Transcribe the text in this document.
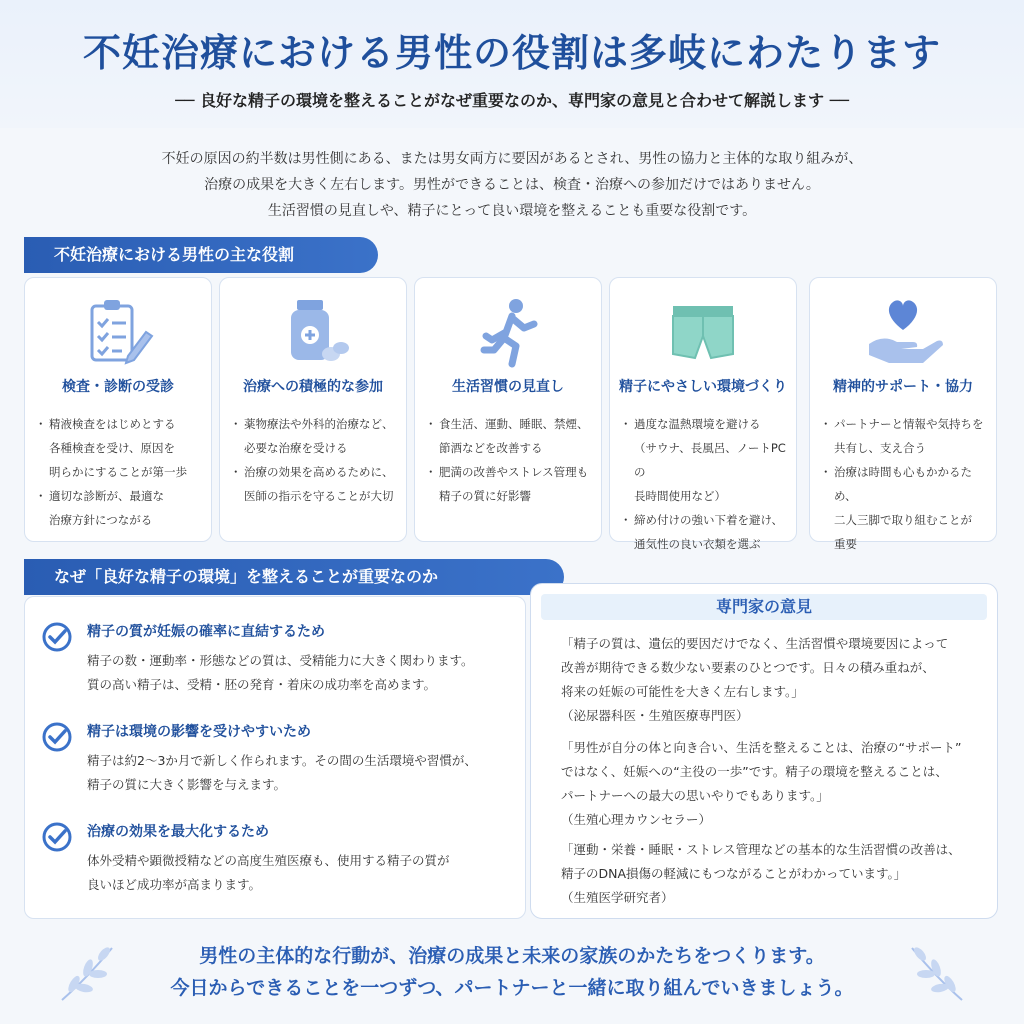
不妊治療における男性の役割は多岐にわたります
── 良好な精子の環境を整えることがなぜ重要なのか、専門家の意見と合わせて解説します ──
不妊の原因の約半数は男性側にある、または男女両方に要因があるとされ、男性の協力と主体的な取り組みが、
治療の成果を大きく左右します。男性ができることは、検査・治療への参加だけではありません。
生活習慣の見直しや、精子にとって良い環境を整えることも重要な役割です。
不妊治療における男性の主な役割
検査・診断の受診
・ 精液検査をはじめとする
各種検査を受け、原因を
明らかにすることが第一歩
・ 適切な診断が、最適な
治療方針につながる
治療への積極的な参加
・ 薬物療法や外科的治療など、
必要な治療を受ける
・ 治療の効果を高めるために、
医師の指示を守ることが大切
生活習慣の見直し
・ 食生活、運動、睡眠、禁煙、
節酒などを改善する
・ 肥満の改善やストレス管理も
精子の質に好影響
精子にやさしい環境づくり
・ 過度な温熱環境を避ける
（サウナ、長風呂、ノートPCの
長時間使用など）
・ 締め付けの強い下着を避け、
通気性の良い衣類を選ぶ
精神的サポート・協力
・ パートナーと情報や気持ちを
共有し、支え合う
・ 治療は時間も心もかかるため、
二人三脚で取り組むことが
重要
なぜ「良好な精子の環境」を整えることが重要なのか
精子の質が妊娠の確率に直結するため
精子の数・運動率・形態などの質は、受精能力に大きく関わります。
質の高い精子は、受精・胚の発育・着床の成功率を高めます。
精子は環境の影響を受けやすいため
精子は約2〜3か月で新しく作られます。その間の生活環境や習慣が、
精子の質に大きく影響を与えます。
治療の効果を最大化するため
体外受精や顕微授精などの高度生殖医療も、使用する精子の質が
良いほど成功率が高まります。
専門家の意見
「精子の質は、遺伝的要因だけでなく、生活習慣や環境要因によって
改善が期待できる数少ない要素のひとつです。日々の積み重ねが、
将来の妊娠の可能性を大きく左右します。」
（泌尿器科医・生殖医療専門医）
「男性が自分の体と向き合い、生活を整えることは、治療の“サポート”
ではなく、妊娠への“主役の一歩”です。精子の環境を整えることは、
パートナーへの最大の思いやりでもあります。」
（生殖心理カウンセラー）
「運動・栄養・睡眠・ストレス管理などの基本的な生活習慣の改善は、
精子のDNA損傷の軽減にもつながることがわかっています。」
（生殖医学研究者）
男性の主体的な行動が、治療の成果と未来の家族のかたちをつくります。
今日からできることを一つずつ、パートナーと一緒に取り組んでいきましょう。
